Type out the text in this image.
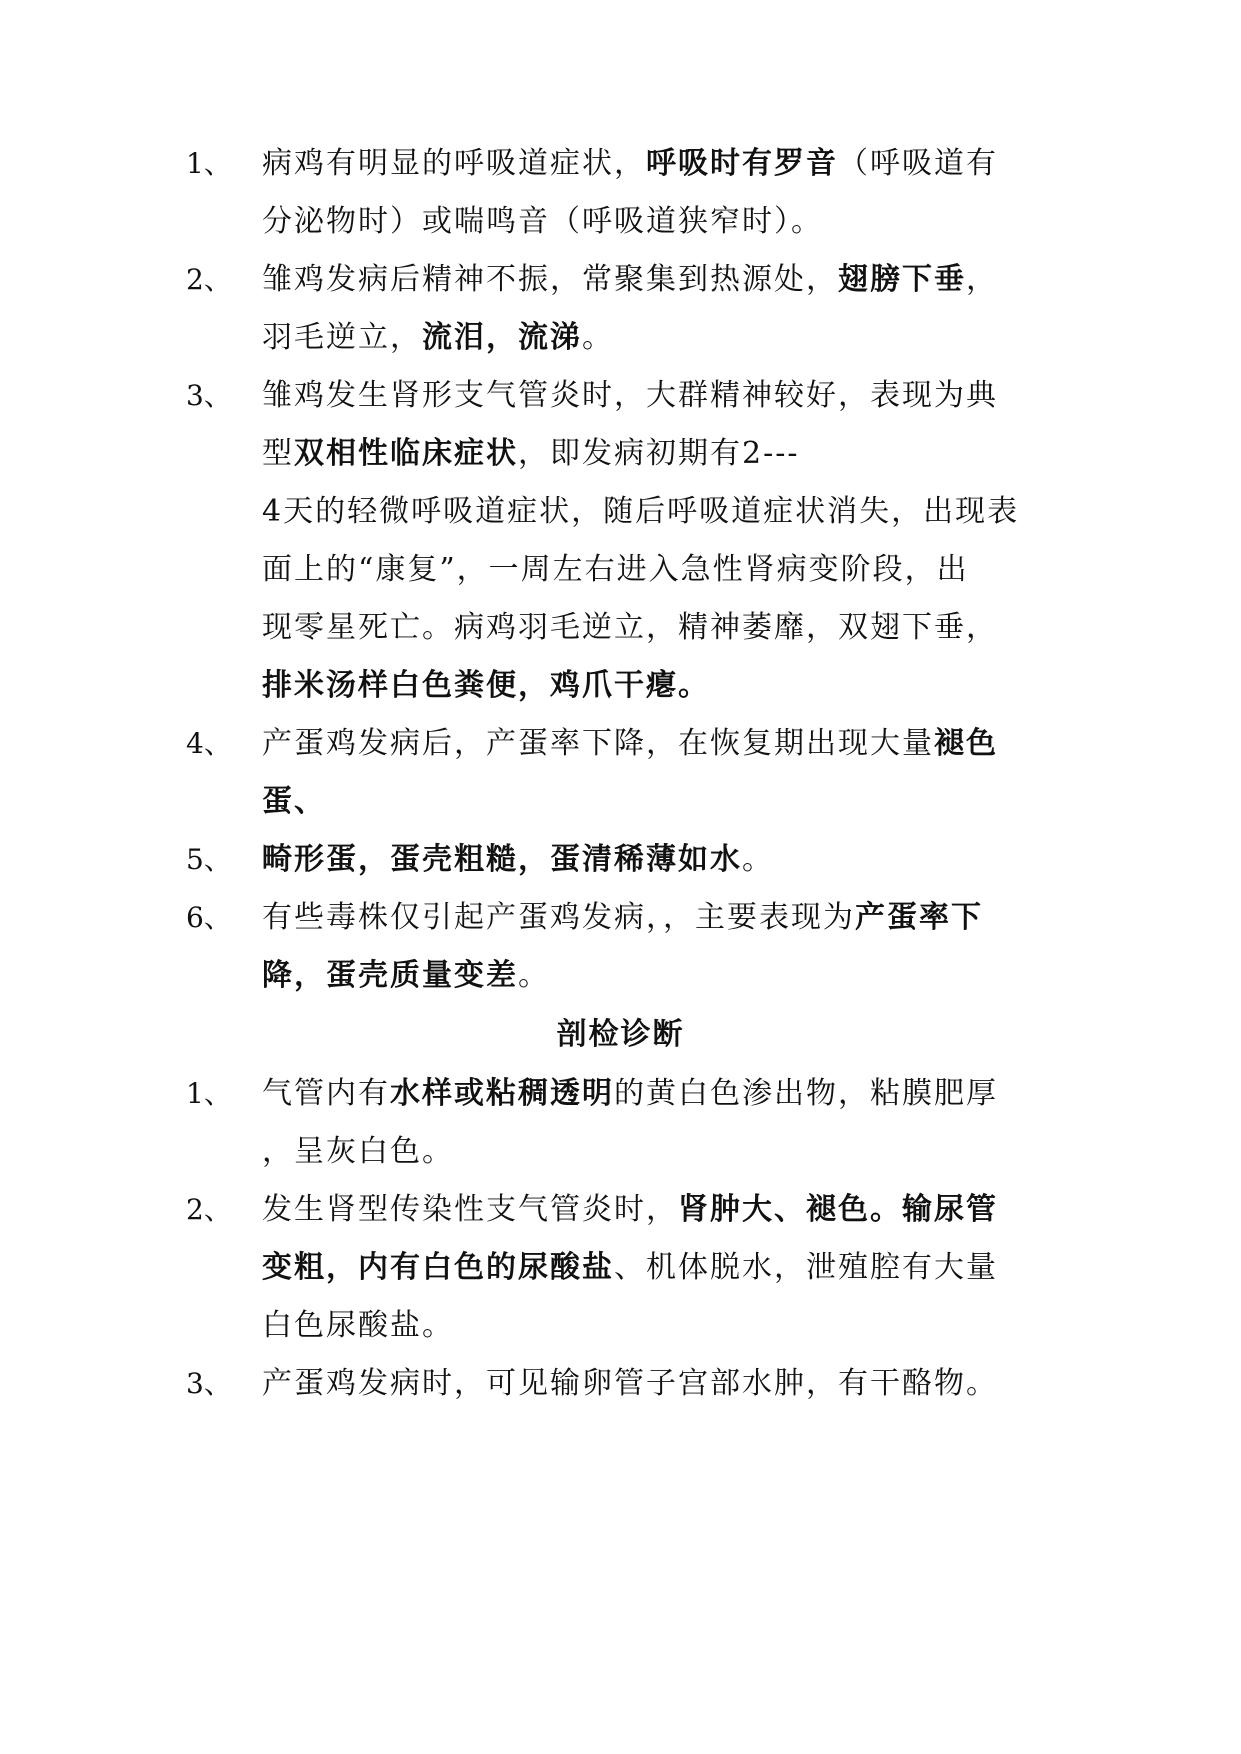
1、 病鸡有明显的呼吸道症状，呼吸时有罗音（呼吸道有
分泌物时）或喘鸣音（呼吸道狭窄时）。
2、 雏鸡发病后精神不振，常聚集到热源处，翅膀下垂，
羽毛逆立，流泪，流涕。
3、 雏鸡发生肾形支气管炎时，大群精神较好，表现为典
型双相性临床症状，即发病初期有2---
4天的轻微呼吸道症状，随后呼吸道症状消失，出现表
面上的“康复”，一周左右进入急性肾病变阶段，出
现零星死亡。病鸡羽毛逆立，精神萎靡，双翅下垂，
排米汤样白色粪便，鸡爪干瘪。
4、 产蛋鸡发病后，产蛋率下降，在恢复期出现大量褪色
蛋、
5、 畸形蛋，蛋壳粗糙，蛋清稀薄如水。
6、 有些毒株仅引起产蛋鸡发病，，主要表现为产蛋率下
降，蛋壳质量变差。
剖检诊断
1、 气管内有水样或粘稠透明的黄白色渗出物，粘膜肥厚
，呈灰白色。
2、 发生肾型传染性支气管炎时，肾肿大、褪色。输尿管
变粗，内有白色的尿酸盐、机体脱水，泄殖腔有大量
白色尿酸盐。
3、 产蛋鸡发病时，可见输卵管子宫部水肿，有干酪物。
